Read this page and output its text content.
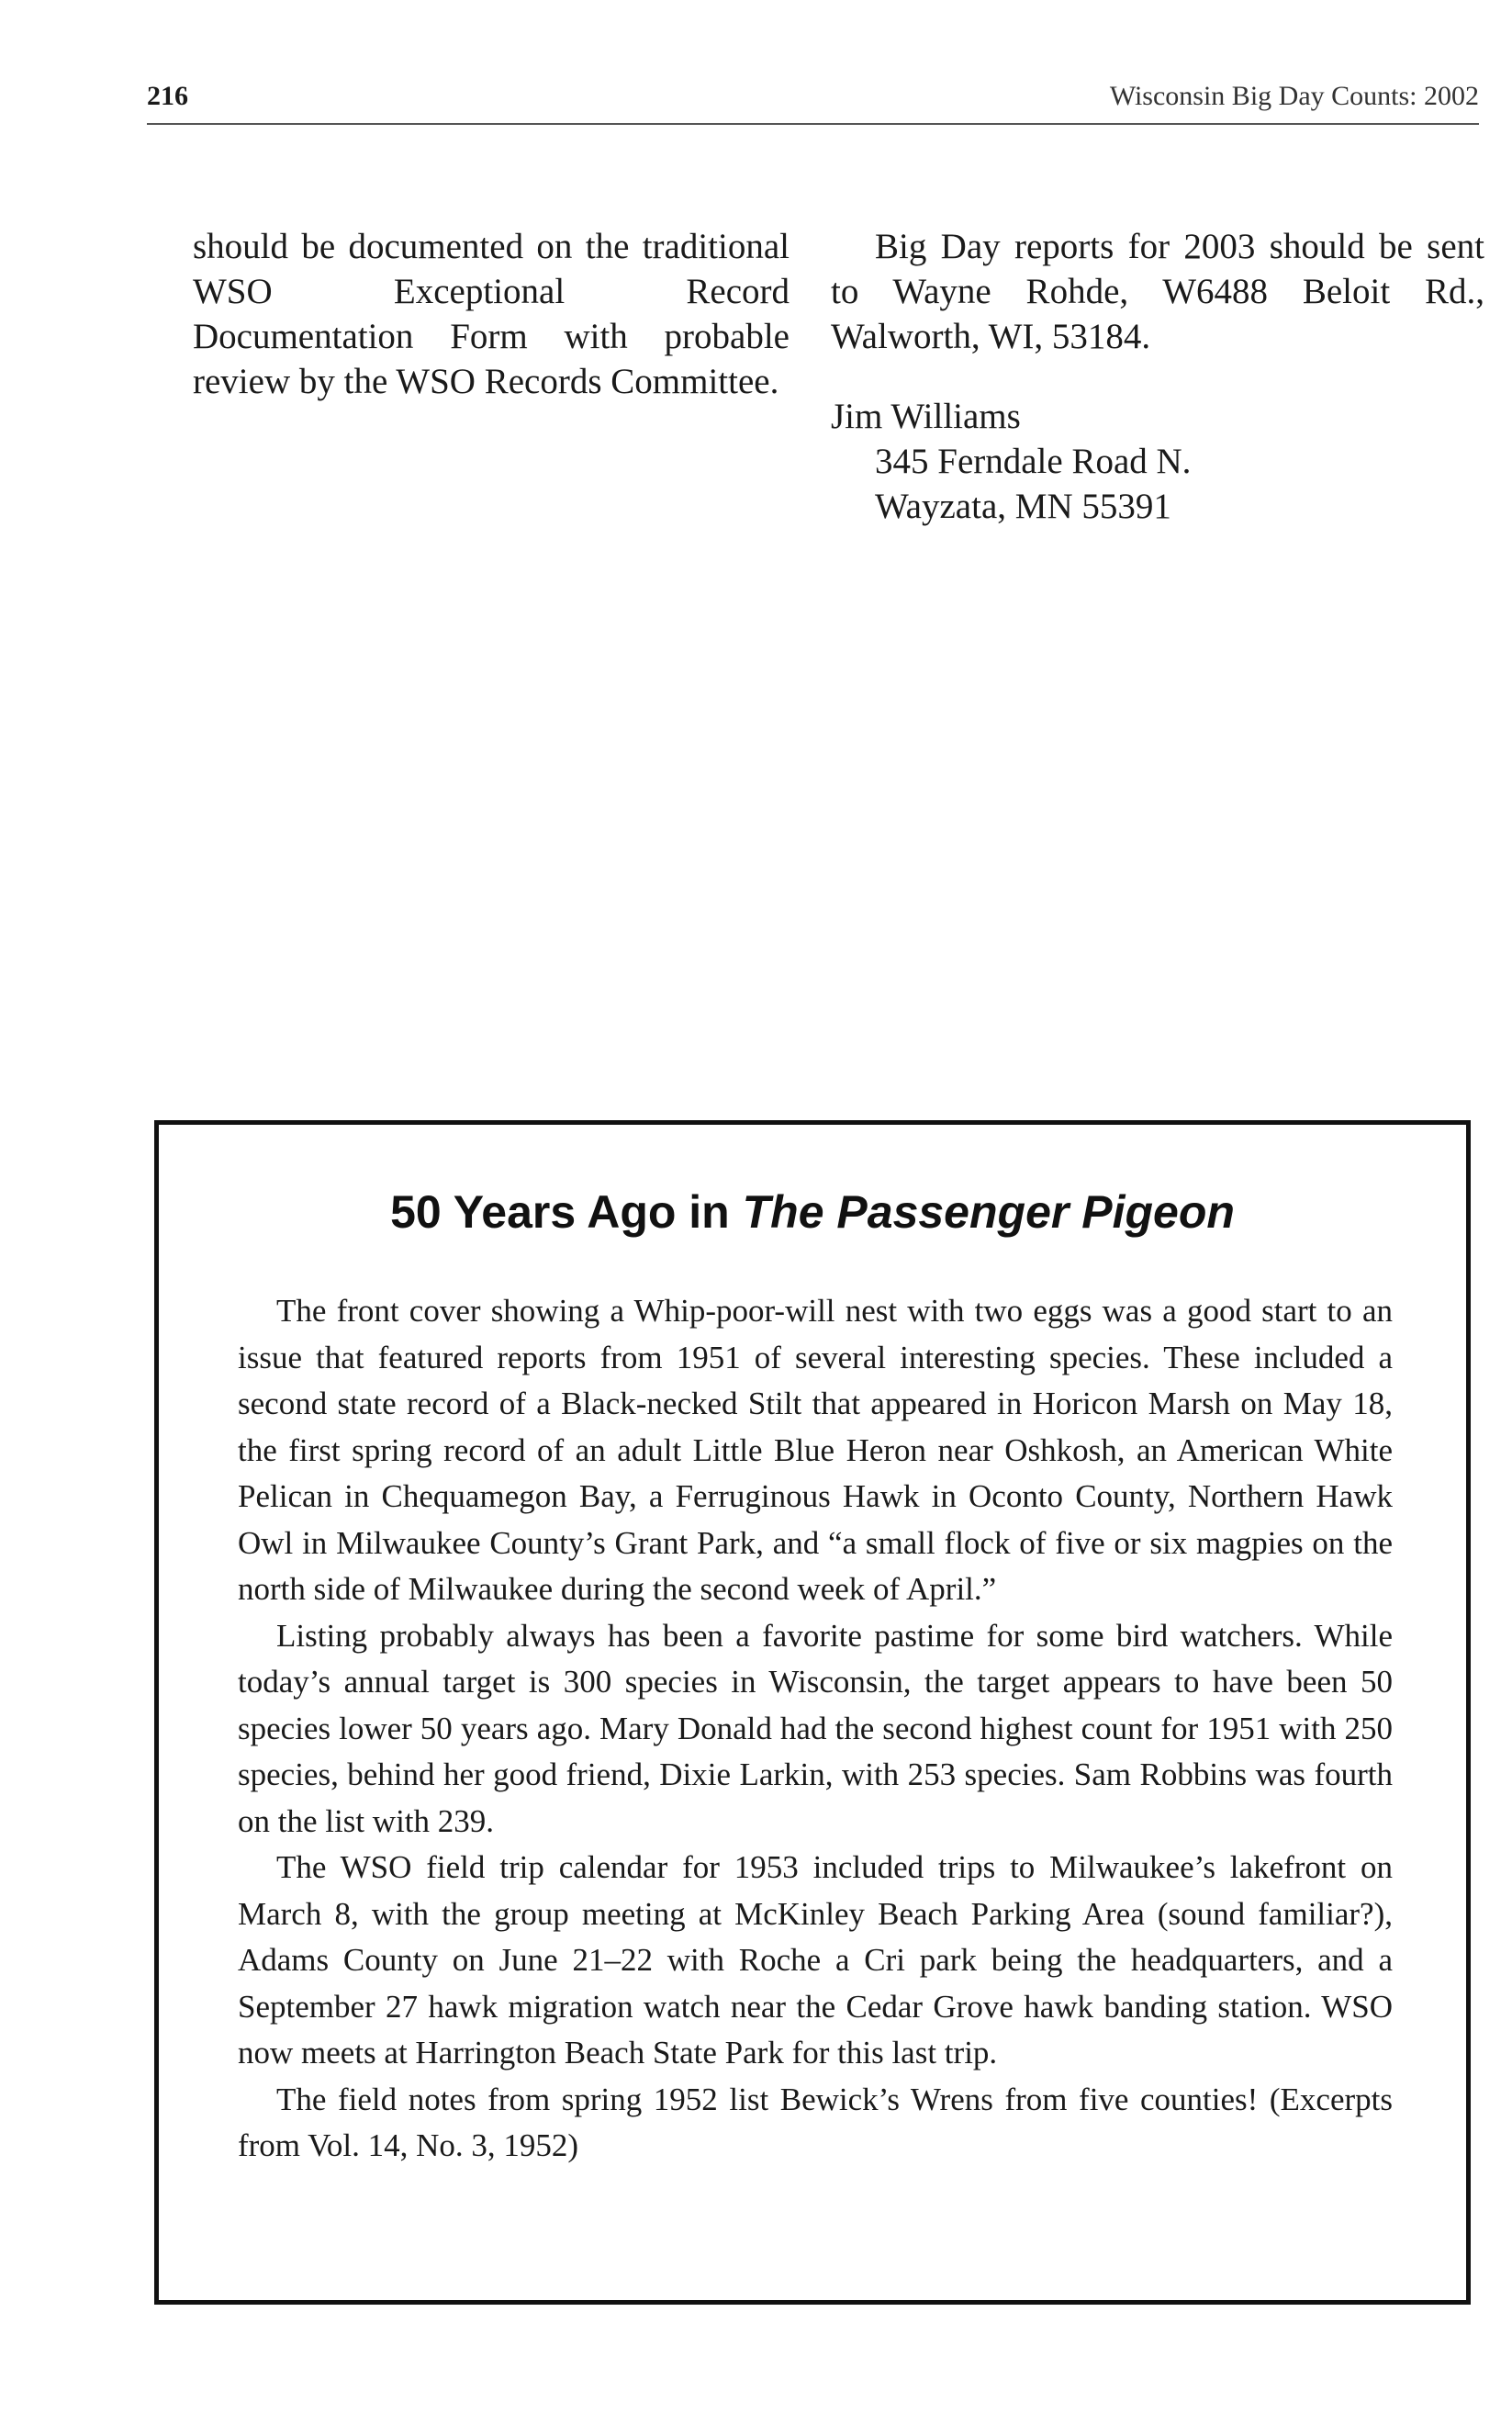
216	Wisconsin Big Day Counts: 2002
should be documented on the traditional WSO Exceptional Record Documentation Form with probable review by the WSO Records Committee.

Big Day reports for 2003 should be sent to Wayne Rohde, W6488 Beloit Rd., Walworth, WI, 53184.

Jim Williams

345 Ferndale Road N.

Wayzata, MN 55391

50 Years Ago in The Passenger Pigeon

The front cover showing a Whip-poor-will nest with two eggs was a good start to an issue that featured reports from 1951 of several interesting species. These included a second state record of a Black-necked Stilt that appeared in Horicon Marsh on May 18, the first spring record of an adult Little Blue Heron near Oshkosh, an American White Pelican in Chequamegon Bay, a Ferruginous Hawk in Oconto County, Northern Hawk Owl in Milwaukee County’s Grant Park, and “a small flock of five or six magpies on the north side of Milwaukee during the second week of April.”

Listing probably always has been a favorite pastime for some bird watchers. While today’s annual target is 300 species in Wisconsin, the target appears to have been 50 species lower 50 years ago. Mary Donald had the second highest count for 1951 with 250 species, behind her good friend, Dixie Larkin, with 253 species. Sam Robbins was fourth on the list with 239.

The WSO field trip calendar for 1953 included trips to Milwaukee’s lakefront on March 8, with the group meeting at McKinley Beach Parking Area (sound familiar?), Adams County on June 21–22 with Roche a Cri park being the headquarters, and a September 27 hawk migration watch near the Cedar Grove hawk banding station. WSO now meets at Harrington Beach State Park for this last trip.

The field notes from spring 1952 list Bewick’s Wrens from five counties! (Excerpts from Vol. 14, No. 3, 1952)
